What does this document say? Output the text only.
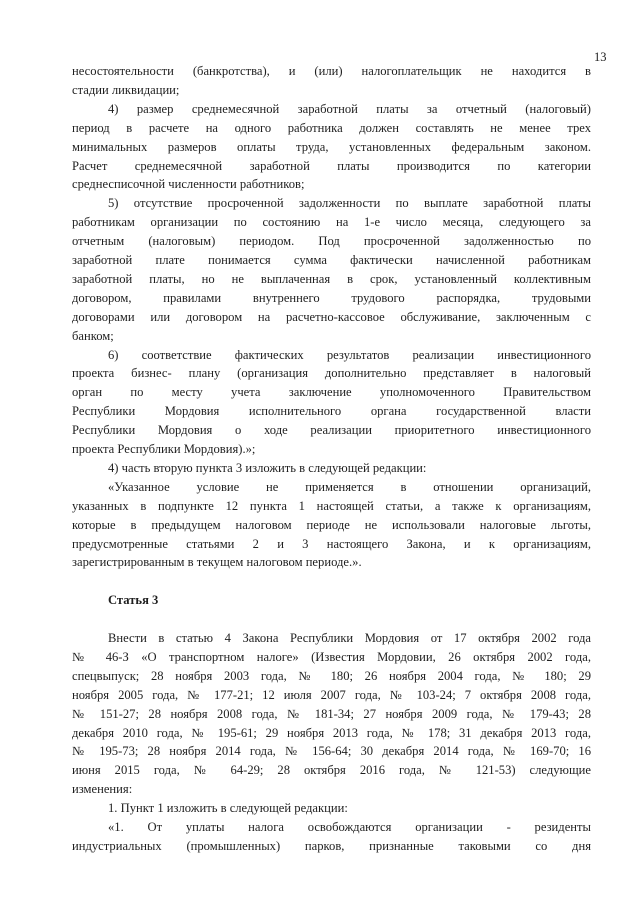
13
несостоятельности (банкротства), и (или) налогоплательщик не находится в
стадии ликвидации;
4) размер среднемесячной заработной платы за отчетный (налоговый)
период в расчете на одного работника должен составлять не менее трех
минимальных размеров оплаты труда, установленных федеральным законом.
Расчет среднемесячной заработной платы производится по категории
среднесписочной численности работников;
5) отсутствие просроченной задолженности по выплате заработной платы
работникам организации по состоянию на 1-е число месяца, следующего за
отчетным (налоговым) периодом. Под просроченной задолженностью по
заработной плате понимается сумма фактически начисленной работникам
заработной платы, но не выплаченная в срок, установленный коллективным
договором, правилами внутреннего трудового распорядка, трудовыми
договорами или договором на расчетно-кассовое обслуживание, заключенным с
банком;
6) соответствие фактических результатов реализации инвестиционного
проекта бизнес- плану (организация дополнительно представляет в налоговый
орган по месту учета заключение уполномоченного Правительством
Республики Мордовия исполнительного органа государственной власти
Республики Мордовия о ходе реализации приоритетного инвестиционного
проекта Республики Мордовия).»;
4) часть вторую пункта 3 изложить в следующей редакции:
«Указанное условие не применяется в отношении организаций,
указанных в подпункте 12 пункта 1 настоящей статьи, а также к организациям,
которые в предыдущем налоговом периоде не использовали налоговые льготы,
предусмотренные статьями 2 и 3 настоящего Закона, и к организациям,
зарегистрированным в текущем налоговом периоде.».
Статья 3
Внести в статью 4 Закона Республики Мордовия от 17 октября 2002 года
№ 46-З «О транспортном налоге» (Известия Мордовии, 26 октября 2002 года,
спецвыпуск; 28 ноября 2003 года, № 180; 26 ноября 2004 года, № 180; 29
ноября 2005 года, № 177-21; 12 июля 2007 года, № 103-24; 7 октября 2008 года,
№ 151-27; 28 ноября 2008 года, № 181-34; 27 ноября 2009 года, № 179-43; 28
декабря 2010 года, № 195-61; 29 ноября 2013 года, № 178; 31 декабря 2013 года,
№ 195-73; 28 ноября 2014 года, № 156-64; 30 декабря 2014 года, № 169-70; 16
июня 2015 года, № 64-29; 28 октября 2016 года, № 121-53) следующие
изменения:
1. Пункт 1 изложить в следующей редакции:
«1. От уплаты налога освобождаются организации - резиденты
индустриальных (промышленных) парков, признанные таковыми со дня
